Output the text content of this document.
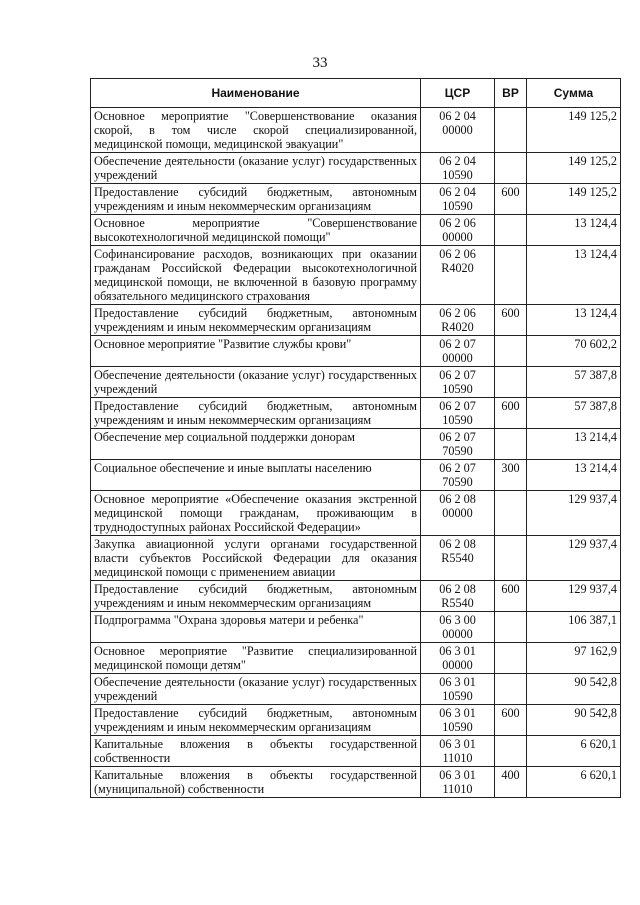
33
Наименование	ЦСР	ВР	Сумма
Основное мероприятие "Совершенствование оказания скорой, в том числе скорой специализированной, медицинской помощи, медицинской эвакуации"	06 2 04 00000		149 125,2
Обеспечение деятельности (оказание услуг) государственных учреждений	06 2 04 10590		149 125,2
Предоставление субсидий бюджетным, автономным учреждениям и иным некоммерческим организациям	06 2 04 10590	600	149 125,2
Основное мероприятие "Совершенствование высокотехнологичной медицинской помощи"	06 2 06 00000		13 124,4
Софинансирование расходов, возникающих при оказании гражданам Российской Федерации высокотехнологичной медицинской помощи, не включенной в базовую программу обязательного медицинского страхования	06 2 06 R4020		13 124,4
Предоставление субсидий бюджетным, автономным учреждениям и иным некоммерческим организациям	06 2 06 R4020	600	13 124,4
Основное мероприятие "Развитие службы крови"	06 2 07 00000		70 602,2
Обеспечение деятельности (оказание услуг) государственных учреждений	06 2 07 10590		57 387,8
Предоставление субсидий бюджетным, автономным учреждениям и иным некоммерческим организациям	06 2 07 10590	600	57 387,8
Обеспечение мер социальной поддержки донорам	06 2 07 70590		13 214,4
Социальное обеспечение и иные выплаты населению	06 2 07 70590	300	13 214,4
Основное мероприятие «Обеспечение оказания экстренной медицинской помощи гражданам, проживающим в труднодоступных районах Российской Федерации»	06 2 08 00000		129 937,4
Закупка авиационной услуги органами государственной власти субъектов Российской Федерации для оказания медицинской помощи с применением авиации	06 2 08 R5540		129 937,4
Предоставление субсидий бюджетным, автономным учреждениям и иным некоммерческим организациям	06 2 08 R5540	600	129 937,4
Подпрограмма "Охрана здоровья матери и ребенка"	06 3 00 00000		106 387,1
Основное мероприятие "Развитие специализированной медицинской помощи детям"	06 3 01 00000		97 162,9
Обеспечение деятельности (оказание услуг) государственных учреждений	06 3 01 10590		90 542,8
Предоставление субсидий бюджетным, автономным учреждениям и иным некоммерческим организациям	06 3 01 10590	600	90 542,8
Капитальные вложения в объекты государственной собственности	06 3 01 11010		6 620,1
Капитальные вложения в объекты государственной (муниципальной) собственности	06 3 01 11010	400	6 620,1
